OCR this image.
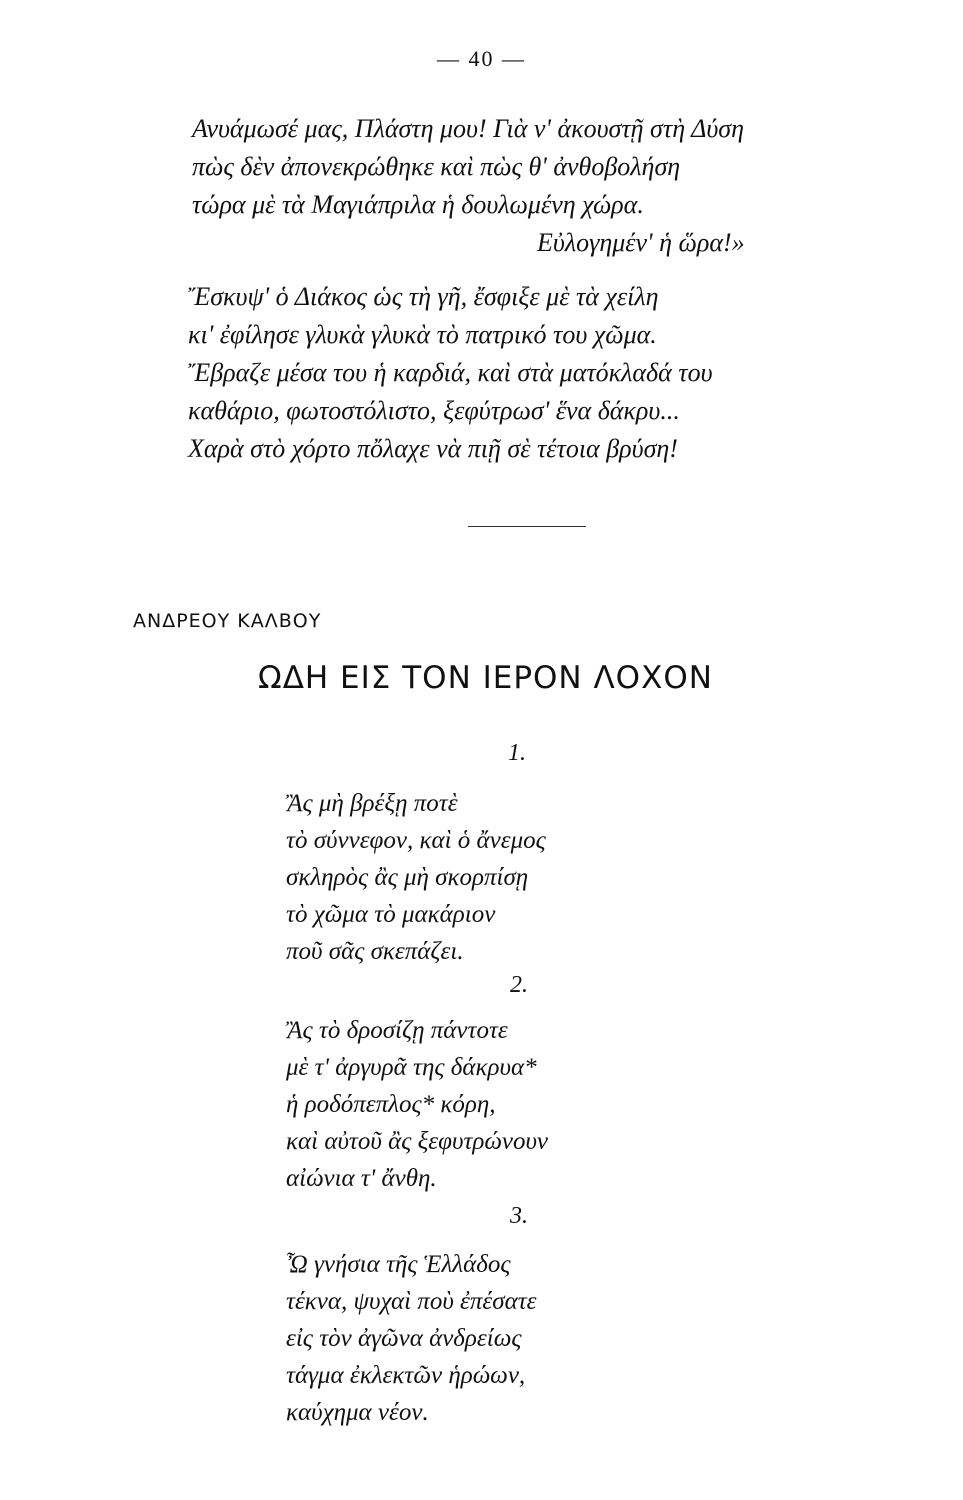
— 40 —
Ανυάμωσέ μας, Πλάστη μου! Γιὰ ν' ἀκουστῇ στὴ Δύση
πὼς δὲν ἀπονεκρώθηκε καὶ πὼς θ' ἀνθοβολήση
τώρα μὲ τὰ Μαγιάπριλα ἡ δουλωμένη χώρα.
Εὐλογημέν' ἡ ὥρα!»
Ἔσκυψ' ὁ Διάκος ὡς τὴ γῆ, ἔσφιξε μὲ τὰ χείλη
κι' ἐφίλησε γλυκὰ γλυκὰ τὸ πατρικό του χῶμα.
Ἔβραζε μέσα του ἡ καρδιά, καὶ στὰ ματόκλαδά του
καθάριο, φωτοστόλιστο, ξεφύτρωσ' ἕνα δάκρυ...
Χαρὰ στὸ χόρτο πὄλαχε νὰ πιῇ σὲ τέτοια βρύση!
ΑΝΔΡΕΟΥ ΚΑΛΒΟΥ
ΩΔΗ ΕΙΣ ΤΟΝ ΙΕΡΟΝ ΛΟΧΟΝ
1.
Ἂς μὴ βρέξῃ ποτὲ
τὸ σύννεφον, καὶ ὁ ἄνεμος
σκληρὸς ἂς μὴ σκορπίσῃ
τὸ χῶμα τὸ μακάριον
ποῦ σᾶς σκεπάζει.
2.
Ἂς τὸ δροσίζῃ πάντοτε
μὲ τ' ἀργυρᾶ της δάκρυα*
ἡ ροδόπεπλος* κόρη,
καὶ αὐτοῦ ἂς ξεφυτρώνουν
αἰώνια τ' ἄνθη.
3.
Ὦ γνήσια τῆς Ἑλλάδος
τέκνα, ψυχαὶ ποὺ ἐπέσατε
εἰς τὸν ἀγῶνα ἀνδρείως
τάγμα ἐκλεκτῶν ἡρώων,
καύχημα νέον.
